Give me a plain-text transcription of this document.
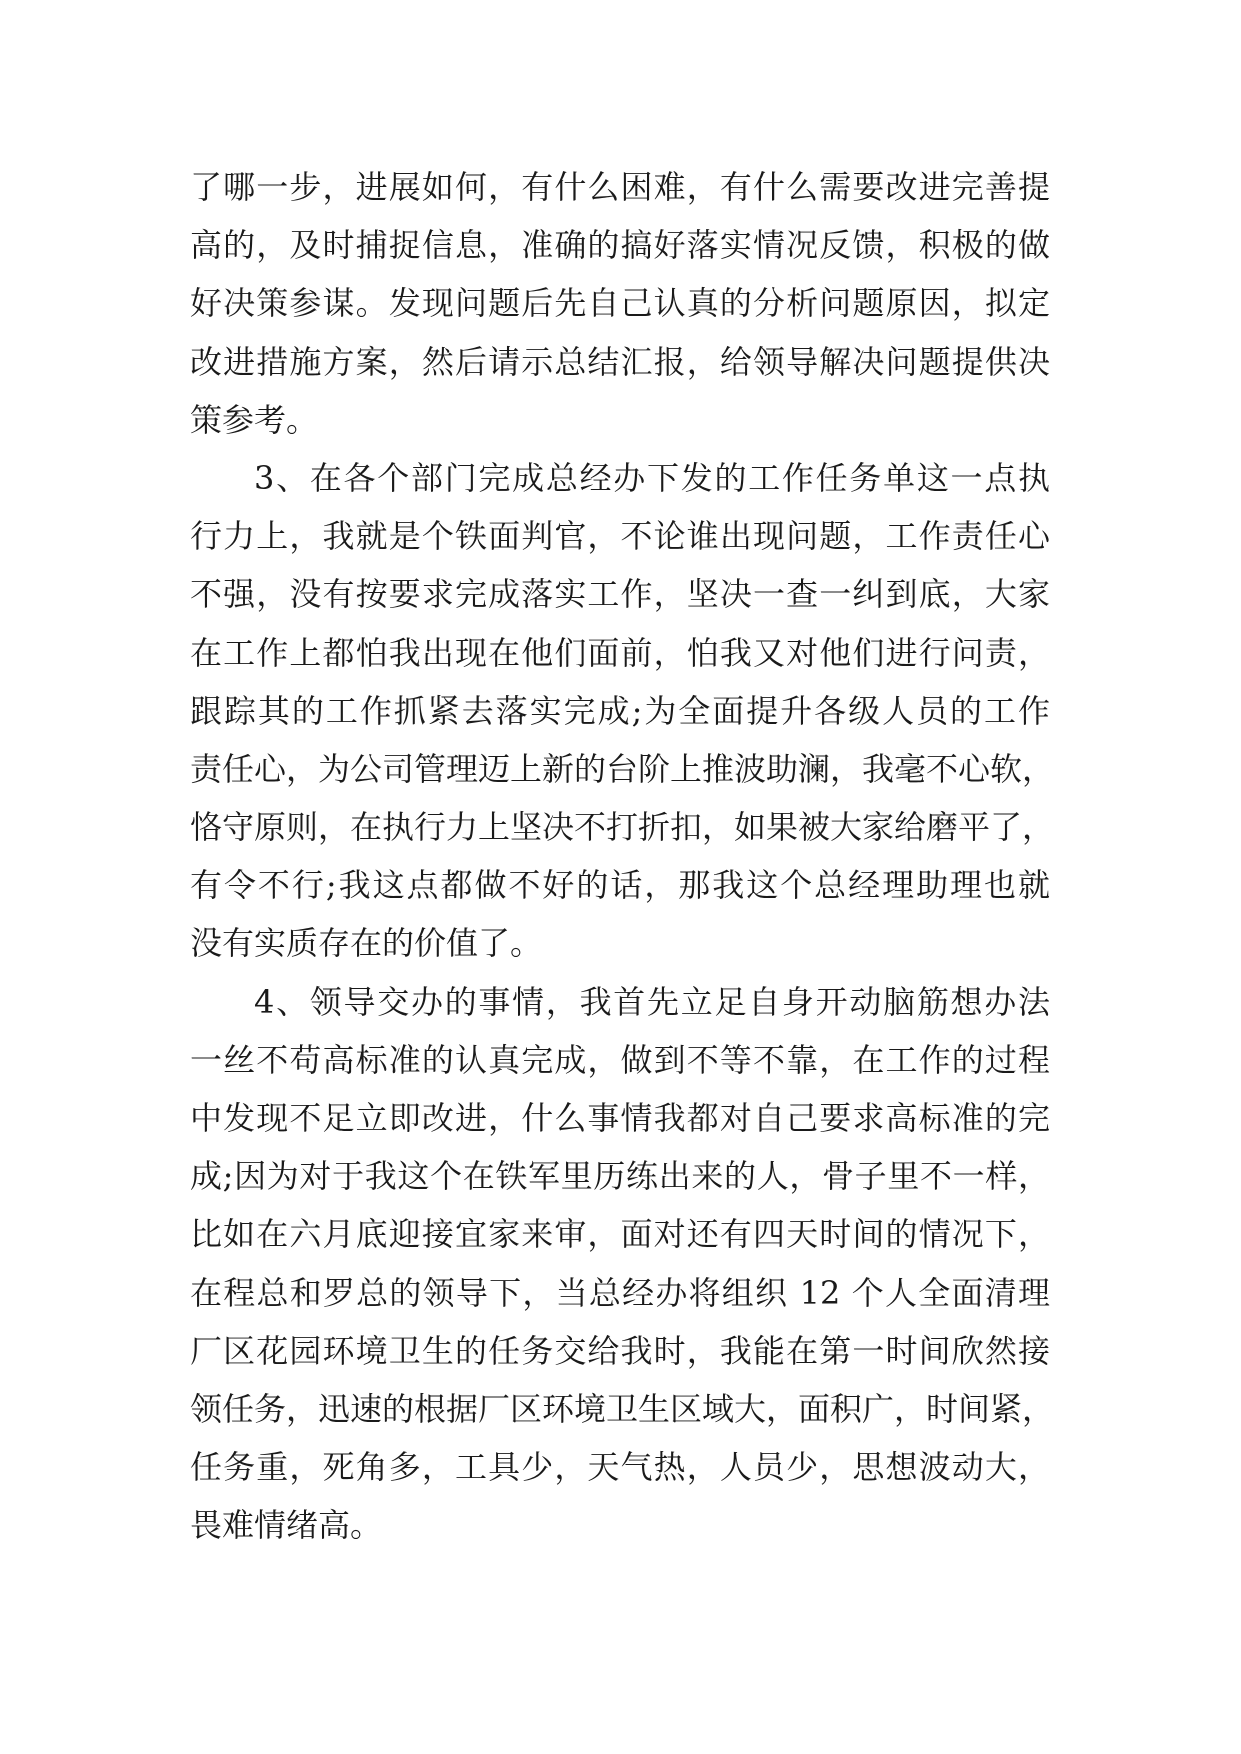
了哪一步，进展如何，有什么困难，有什么需要改进完善提
高的，及时捕捉信息，准确的搞好落实情况反馈，积极的做
好决策参谋。发现问题后先自己认真的分析问题原因，拟定
改进措施方案，然后请示总结汇报，给领导解决问题提供决
策参考。
3、在各个部门完成总经办下发的工作任务单这一点执
行力上，我就是个铁面判官，不论谁出现问题，工作责任心
不强，没有按要求完成落实工作，坚决一查一纠到底，大家
在工作上都怕我出现在他们面前，怕我又对他们进行问责，
跟踪其的工作抓紧去落实完成;为全面提升各级人员的工作
责任心，为公司管理迈上新的台阶上推波助澜，我毫不心软，
恪守原则，在执行力上坚决不打折扣，如果被大家给磨平了，
有令不行;我这点都做不好的话，那我这个总经理助理也就
没有实质存在的价值了。
4、领导交办的事情，我首先立足自身开动脑筋想办法
一丝不苟高标准的认真完成，做到不等不靠，在工作的过程
中发现不足立即改进，什么事情我都对自己要求高标准的完
成;因为对于我这个在铁军里历练出来的人，骨子里不一样，
比如在六月底迎接宜家来审，面对还有四天时间的情况下，
在程总和罗总的领导下，当总经办将组织 12 个人全面清理
厂区花园环境卫生的任务交给我时，我能在第一时间欣然接
领任务，迅速的根据厂区环境卫生区域大，面积广，时间紧，
任务重，死角多，工具少，天气热，人员少，思想波动大，
畏难情绪高。
